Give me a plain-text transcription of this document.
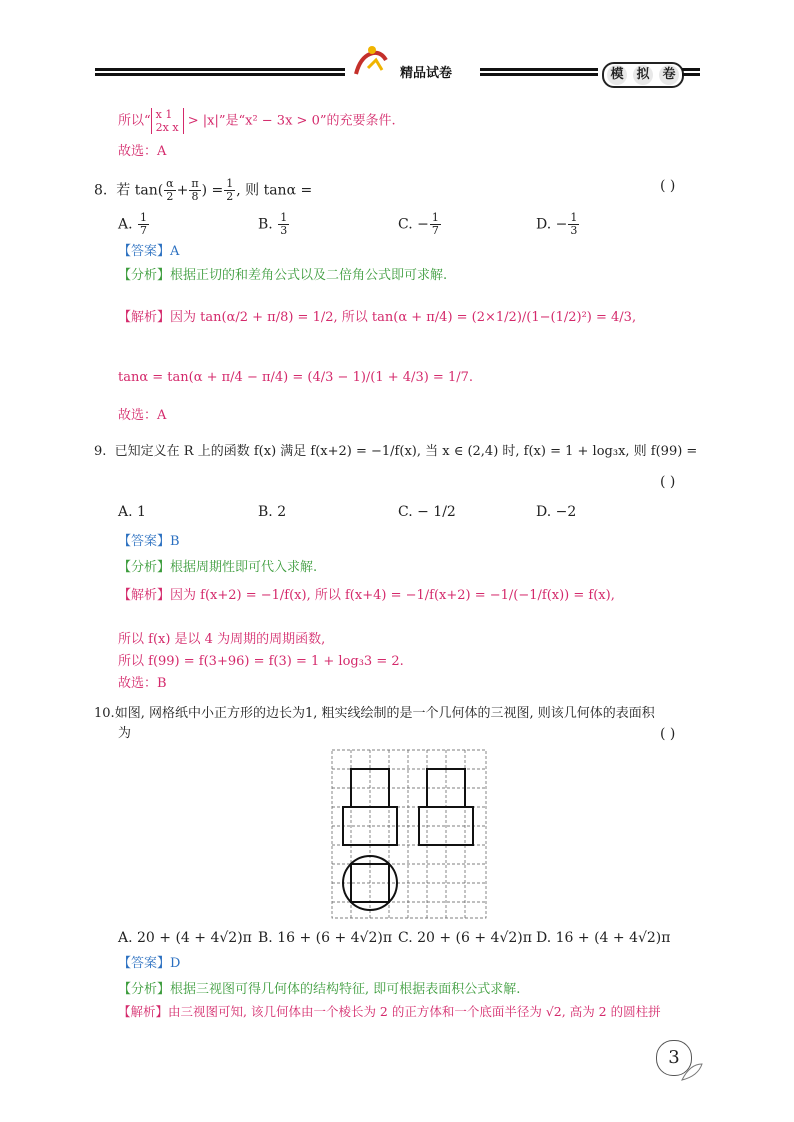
精品试卷	模 拟 卷
所以“ x 1
2x x > |x|”是“x² − 3x > 0”的充要条件.
故选：A
8. 若 $\tan( \frac{\alpha}{2} + \frac{\pi}{8}$ ) = $\frac{1}{2}$ , 则 tanα =	( )
A. $\frac{1}{7}$	B. $\frac{1}{3}$	C. − $\frac{1}{7}$	D. − $\frac{1}{3}$
【答案】A
【分析】根据正切的和差角公式以及二倍角公式即可求解.
【解析】因为 tan(α/2 + π/8) = 1/2, 所以 tan(α + π/4) = (2×1/2)/(1−(1/2)²) = 4/3,
tanα = tan(α + π/4 − π/4) = (4/3 − 1)/(1 + 4/3) = 1/7.
故选：A
9. 已知定义在 R 上的函数 f(x) 满足 f(x+2) = −1/f(x), 当 x ∈ (2,4) 时, f(x) = 1 + log₃x, 则 f(99) =
( )
A. 1	B. 2	C. − 1/2	D. −2
【答案】B
【分析】根据周期性即可代入求解.
【解析】因为 f(x+2) = −1/f(x), 所以 f(x+4) = −1/f(x+2) = −1/(−1/f(x)) = f(x),
所以 f(x) 是以 4 为周期的周期函数,
所以 f(99) = f(3+96) = f(3) = 1 + log₃3 = 2.
故选：B
10.如图, 网格纸中小正方形的边长为1, 粗实线绘制的是一个几何体的三视图, 则该几何体的表面积
为	( )
A. 20 + (4 + 4√2)π B. 16 + (6 + 4√2)π C. 20 + (6 + 4√2)π D. 16 + (4 + 4√2)π
【答案】D
【分析】根据三视图可得几何体的结构特征, 即可根据表面积公式求解.
【解析】由三视图可知, 该几何体由一个棱长为 2 的正方体和一个底面半径为 √2, 高为 2 的圆柱拼
3
